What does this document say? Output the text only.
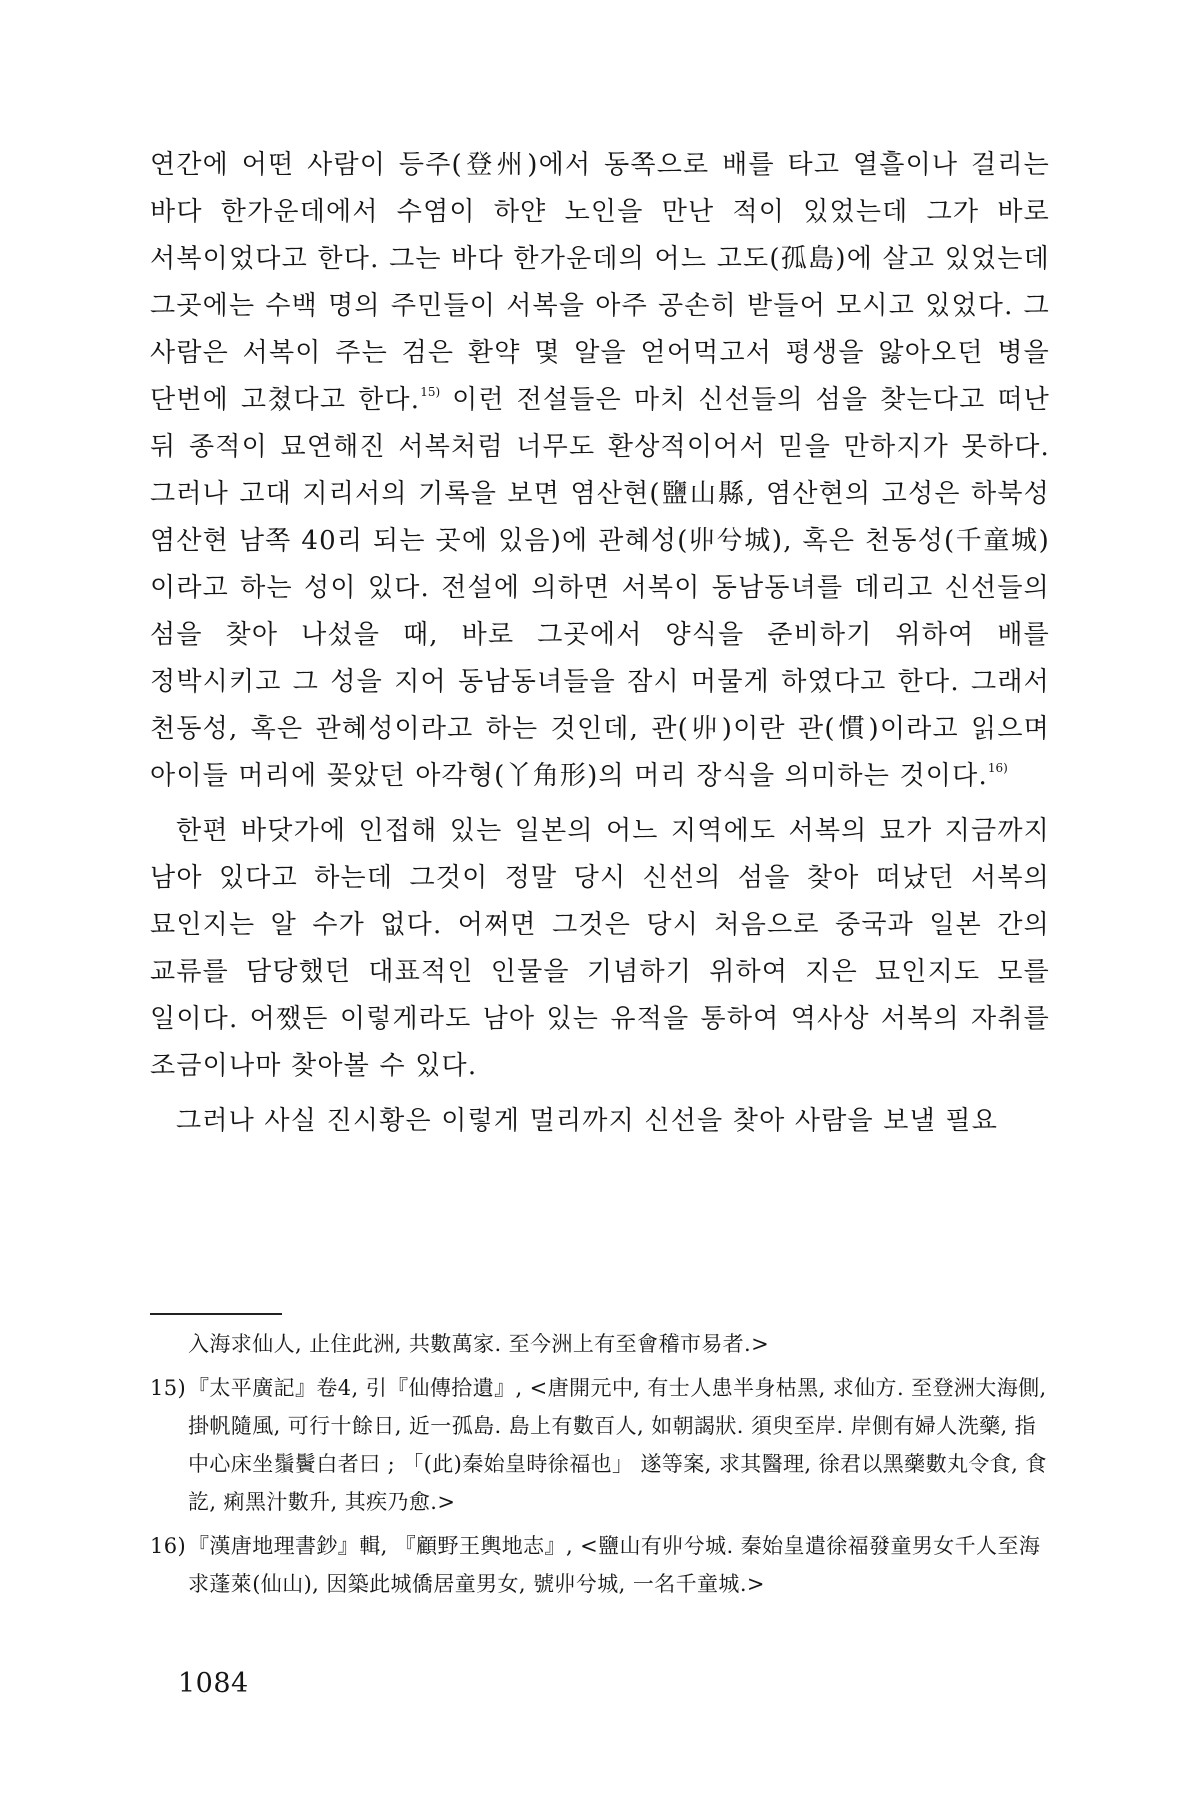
연간에 어떤 사람이 등주(登州)에서 동쪽으로 배를 타고 열흘이나 걸리는 바다 한가운데에서 수염이 하얀 노인을 만난 적이 있었는데 그가 바로 서복이었다고 한다. 그는 바다 한가운데의 어느 고도(孤島)에 살고 있었는데 그곳에는 수백 명의 주민들이 서복을 아주 공손히 받들어 모시고 있었다. 그 사람은 서복이 주는 검은 환약 몇 알을 얻어먹고서 평생을 앓아오던 병을 단번에 고쳤다고 한다.$^{15)}$ 이런 전설들은 마치 신선들의 섬을 찾는다고 떠난 뒤 종적이 묘연해진 서복처럼 너무도 환상적이어서 믿을 만하지가 못하다. 그러나 고대 지리서의 기록을 보면 염산현(鹽山縣, 염산현의 고성은 하북성 염산현 남쪽 40리 되는 곳에 있음)에 관혜성(丱兮城), 혹은 천동성(千童城)이라고 하는 성이 있다. 전설에 의하면 서복이 동남동녀를 데리고 신선들의 섬을 찾아 나섰을 때, 바로 그곳에서 양식을 준비하기 위하여 배를 정박시키고 그 성을 지어 동남동녀들을 잠시 머물게 하였다고 한다. 그래서 천동성, 혹은 관혜성이라고 하는 것인데, 관(丱)이란 관(慣)이라고 읽으며 아이들 머리에 꽂았던 아각형(丫角形)의 머리 장식을 의미하는 것이다.$^{16)}$

한편 바닷가에 인접해 있는 일본의 어느 지역에도 서복의 묘가 지금까지 남아 있다고 하는데 그것이 정말 당시 신선의 섬을 찾아 떠났던 서복의 묘인지는 알 수가 없다. 어쩌면 그것은 당시 처음으로 중국과 일본 간의 교류를 담당했던 대표적인 인물을 기념하기 위하여 지은 묘인지도 모를 일이다. 어쨌든 이렇게라도 남아 있는 유적을 통하여 역사상 서복의 자취를 조금이나마 찾아볼 수 있다.

그러나 사실 진시황은 이렇게 멀리까지 신선을 찾아 사람을 보낼 필요

入海求仙人, 止住此洲, 共數萬家. 至今洲上有至會稽市易者.>

15) 『太平廣記』卷4, 引『仙傳拾遺』, <唐開元中, 有士人患半身枯黑, 求仙方. 至登洲大海側, 掛帆隨風, 可行十餘日, 近一孤島. 島上有數百人, 如朝謁狀. 須臾至岸. 岸側有婦人洗藥, 指中心床坐鬚鬢白者曰 ; 「(此)秦始皇時徐福也」 遂等案, 求其醫理, 徐君以黑藥數丸令食, 食訖, 痢黑汁數升, 其疾乃愈.>

16) 『漢唐地理書鈔』輯, 『顧野王輿地志』, <鹽山有丱兮城. 秦始皇遣徐福發童男女千人至海求蓬萊(仙山), 因築此城僑居童男女, 號丱兮城, 一名千童城.>

1084
